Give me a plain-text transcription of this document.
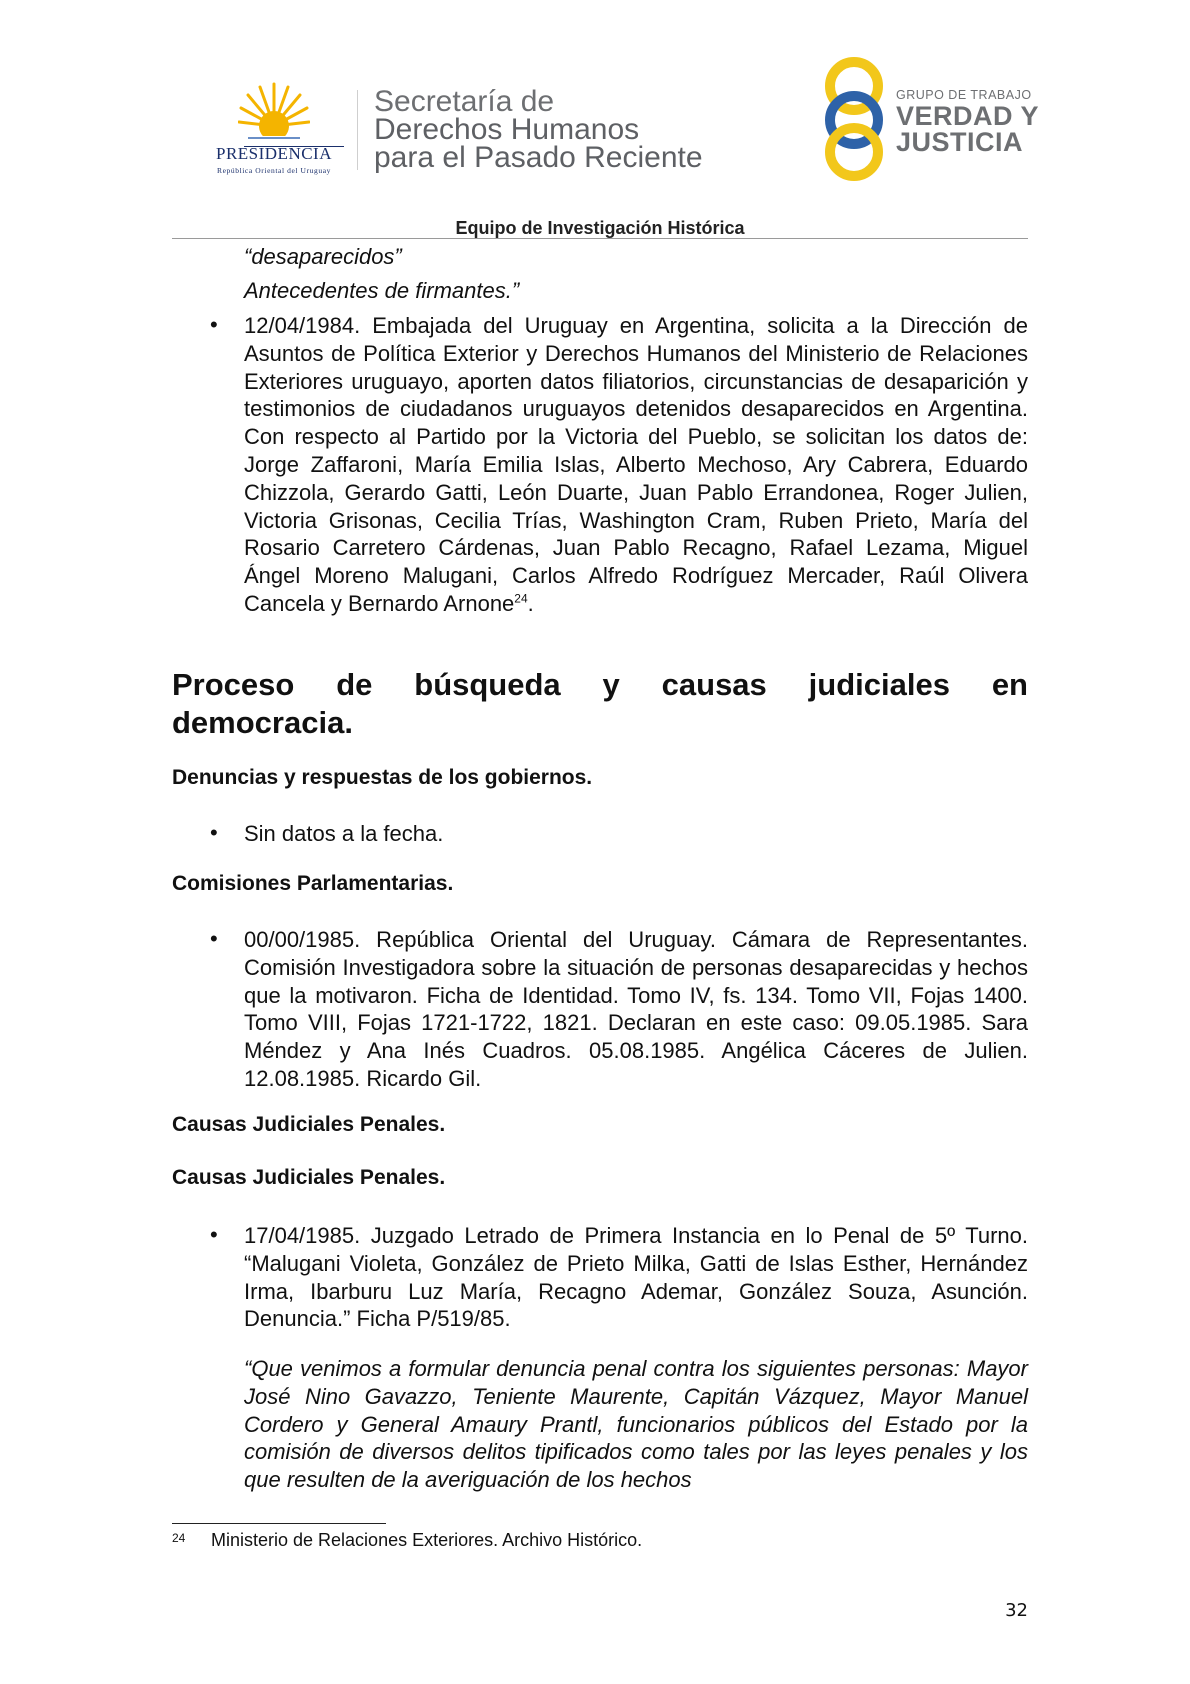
PRESIDENCIA
República Oriental del Uruguay
Secretaría de
Derechos Humanos
para el Pasado Reciente
GRUPO DE TRABAJO
VERDAD Y
JUSTICIA
Equipo de Investigación Histórica
“desaparecidos”
Antecedentes de firmantes.”
• 12/04/1984. Embajada del Uruguay en Argentina, solicita a la Dirección de Asuntos de Política Exterior y Derechos Humanos del Ministerio de Relaciones Exteriores uruguayo, aporten datos filiatorios, circunstancias de desaparición y testimonios de ciudadanos uruguayos detenidos desaparecidos en Argentina. Con respecto al Partido por la Victoria del Pueblo, se solicitan los datos de: Jorge Zaffaroni, María Emilia Islas, Alberto Mechoso, Ary Cabrera, Eduardo Chizzola, Gerardo Gatti, León Duarte, Juan Pablo Errandonea, Roger Julien, Victoria Grisonas, Cecilia Trías, Washington Cram, Ruben Prieto, María del Rosario Carretero Cárdenas, Juan Pablo Recagno, Rafael Lezama, Miguel Ángel Moreno Malugani, Carlos Alfredo Rodríguez Mercader, Raúl Olivera Cancela y Bernardo Arnone$^{24}$.
Proceso de búsqueda y causas judiciales en
democracia.
Denuncias y respuestas de los gobiernos.
• Sin datos a la fecha.
Comisiones Parlamentarias.
• 00/00/1985. República Oriental del Uruguay. Cámara de Representantes. Comisión Investigadora sobre la situación de personas desaparecidas y hechos que la motivaron. Ficha de Identidad. Tomo IV, fs. 134. Tomo VII, Fojas 1400. Tomo VIII, Fojas 1721-1722, 1821. Declaran en este caso: 09.05.1985. Sara Méndez y Ana Inés Cuadros. 05.08.1985. Angélica Cáceres de Julien. 12.08.1985. Ricardo Gil.
Causas Judiciales Penales.
Causas Judiciales Penales.
• 17/04/1985. Juzgado Letrado de Primera Instancia en lo Penal de 5º Turno. “Malugani Violeta, González de Prieto Milka, Gatti de Islas Esther, Hernández Irma, Ibarburu Luz María, Recagno Ademar, González Souza, Asunción. Denuncia.” Ficha P/519/85.
“Que venimos a formular denuncia penal contra los siguientes personas: Mayor José Nino Gavazzo, Teniente Maurente, Capitán Vázquez, Mayor Manuel Cordero y General Amaury Prantl, funcionarios públicos del Estado por la comisión de diversos delitos tipificados como tales por las leyes penales y los que resulten de la averiguación de los hechos
24 Ministerio de Relaciones Exteriores. Archivo Histórico.
32
